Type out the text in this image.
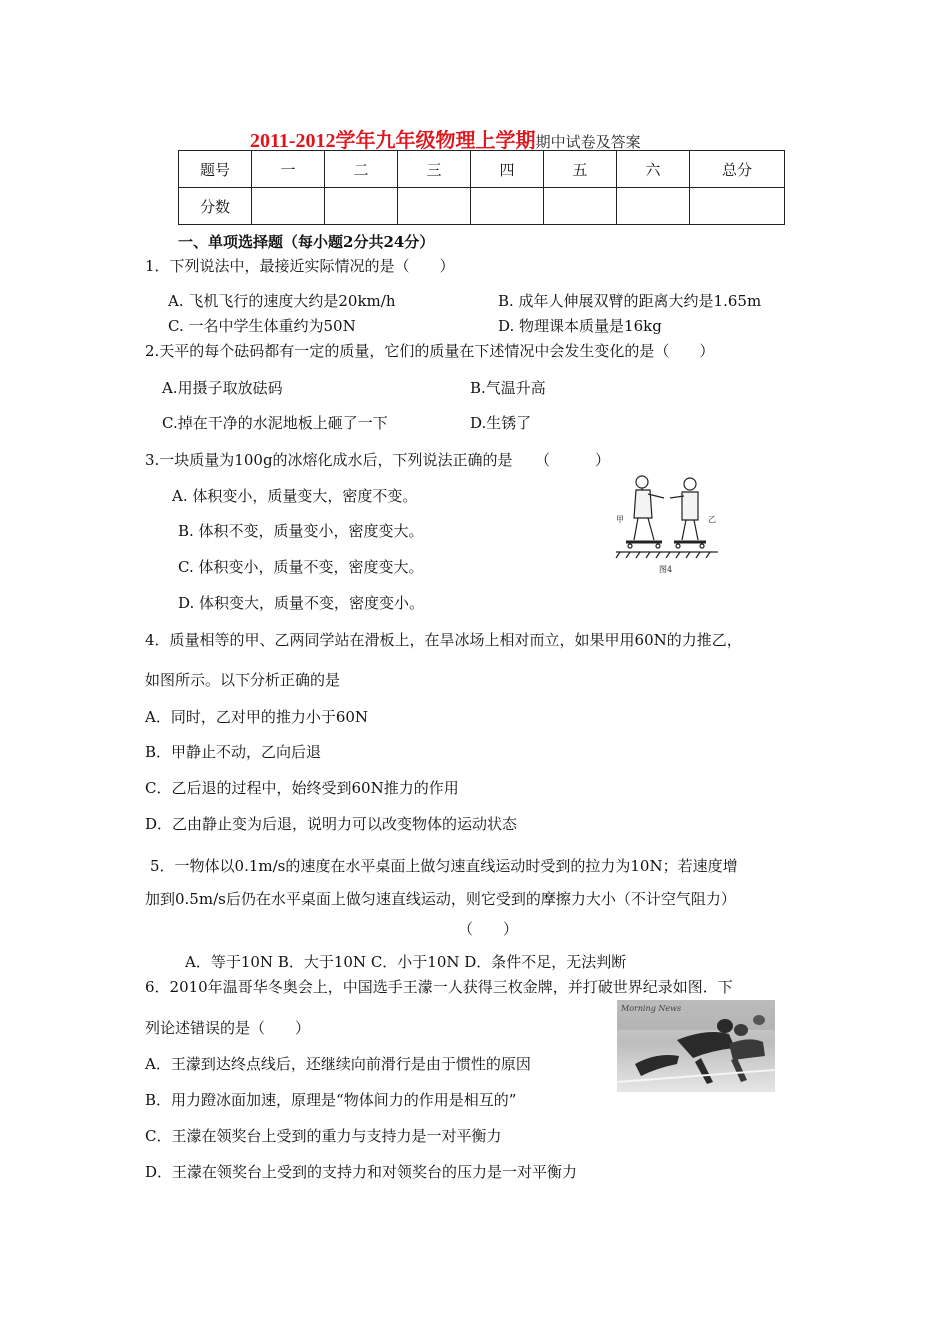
2011-2012学年九年级物理上学期期中试卷及答案
题号	一	二	三	四	五	六	总分
分数							
一、单项选择题（每小题2分共24分）
1．下列说法中，最接近实际情况的是（　　）
A. 飞机飞行的速度大约是20km/h	B. 成年人伸展双臂的距离大约是1.65m
C. 一名中学生体重约为50N	D. 物理课本质量是16kg
2.天平的每个砝码都有一定的质量，它们的质量在下述情况中会发生变化的是（　　）
A.用摄子取放砝码	B.气温升高
C.掉在干净的水泥地板上砸了一下	D.生锈了
3.一块质量为100g的冰熔化成水后，下列说法正确的是　　（　　　）
A. 体积变小，质量变大，密度不变。
B. 体积不变，质量变小，密度变大。
C. 体积变小，质量不变，密度变大。
D. 体积变大，质量不变，密度变小。
甲	乙
图4
4．质量相等的甲、乙两同学站在滑板上，在旱冰场上相对而立，如果甲用60N的力推乙，
如图所示。以下分析正确的是
A．同时，乙对甲的推力小于60N
B．甲静止不动，乙向后退
C．乙后退的过程中，始终受到60N推力的作用
D．乙由静止变为后退，说明力可以改变物体的运动状态
5．一物体以0.1m/s的速度在水平桌面上做匀速直线运动时受到的拉力为10N；若速度增
加到0.5m/s后仍在水平桌面上做匀速直线运动，则它受到的摩擦力大小（不计空气阻力）
（　　）
A．等于10N B．大于10N C．小于10N D．条件不足，无法判断
6．2010年温哥华冬奥会上，中国选手王濛一人获得三枚金牌，并打破世界纪录如图．下
列论述错误的是（　　）
A．王濛到达终点线后，还继续向前滑行是由于惯性的原因
B．用力蹬冰面加速，原理是“物体间力的作用是相互的”
C．王濛在领奖台上受到的重力与支持力是一对平衡力
D．王濛在领奖台上受到的支持力和对领奖台的压力是一对平衡力
Morning News
